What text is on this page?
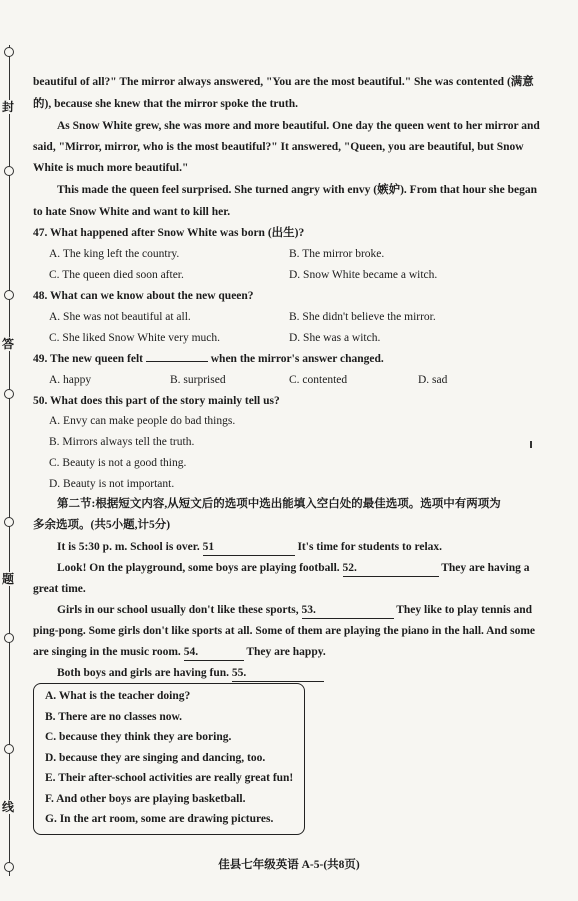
封
答
题
线
beautiful of all?" The mirror always answered, "You are the most beautiful." She was contented (满意
的), because she knew that the mirror spoke the truth.
As Snow White grew, she was more and more beautiful. One day the queen went to her mirror and
said, "Mirror, mirror, who is the most beautiful?" It answered, "Queen, you are beautiful, but Snow
White is much more beautiful."
This made the queen feel surprised. She turned angry with envy (嫉妒). From that hour she began
to hate Snow White and want to kill her.
47. What happened after Snow White was born (出生)?
A. The king left the country.	B. The mirror broke.
C. The queen died soon after.	D. Snow White became a witch.
48. What can we know about the new queen?
A. She was not beautiful at all.	B. She didn't believe the mirror.
C. She liked Snow White very much.	D. She was a witch.
49. The new queen felt	when the mirror's answer changed.
A. happy	B. surprised	C. contented	D. sad
50. What does this part of the story mainly tell us?
A. Envy can make people do bad things.
B. Mirrors always tell the truth.
C. Beauty is not a good thing.
D. Beauty is not important.
第二节:根据短文内容,从短文后的选项中选出能填入空白处的最佳选项。选项中有两项为
多余选项。(共5小题,计5分)
It is 5:30 p. m. School is over. 51	It's time for students to relax.
Look! On the playground, some boys are playing football. 52.	They are having a
great time.
Girls in our school usually don't like these sports, 53.	They like to play tennis and
ping-pong. Some girls don't like sports at all. Some of them are playing the piano in the hall. And some
are singing in the music room. 54.	They are happy.
Both boys and girls are having fun. 55.
A. What is the teacher doing?
B. There are no classes now.
C. because they think they are boring.
D. because they are singing and dancing, too.
E. Their after-school activities are really great fun!
F. And other boys are playing basketball.
G. In the art room, some are drawing pictures.
佳县七年级英语 A-5-(共8页)
